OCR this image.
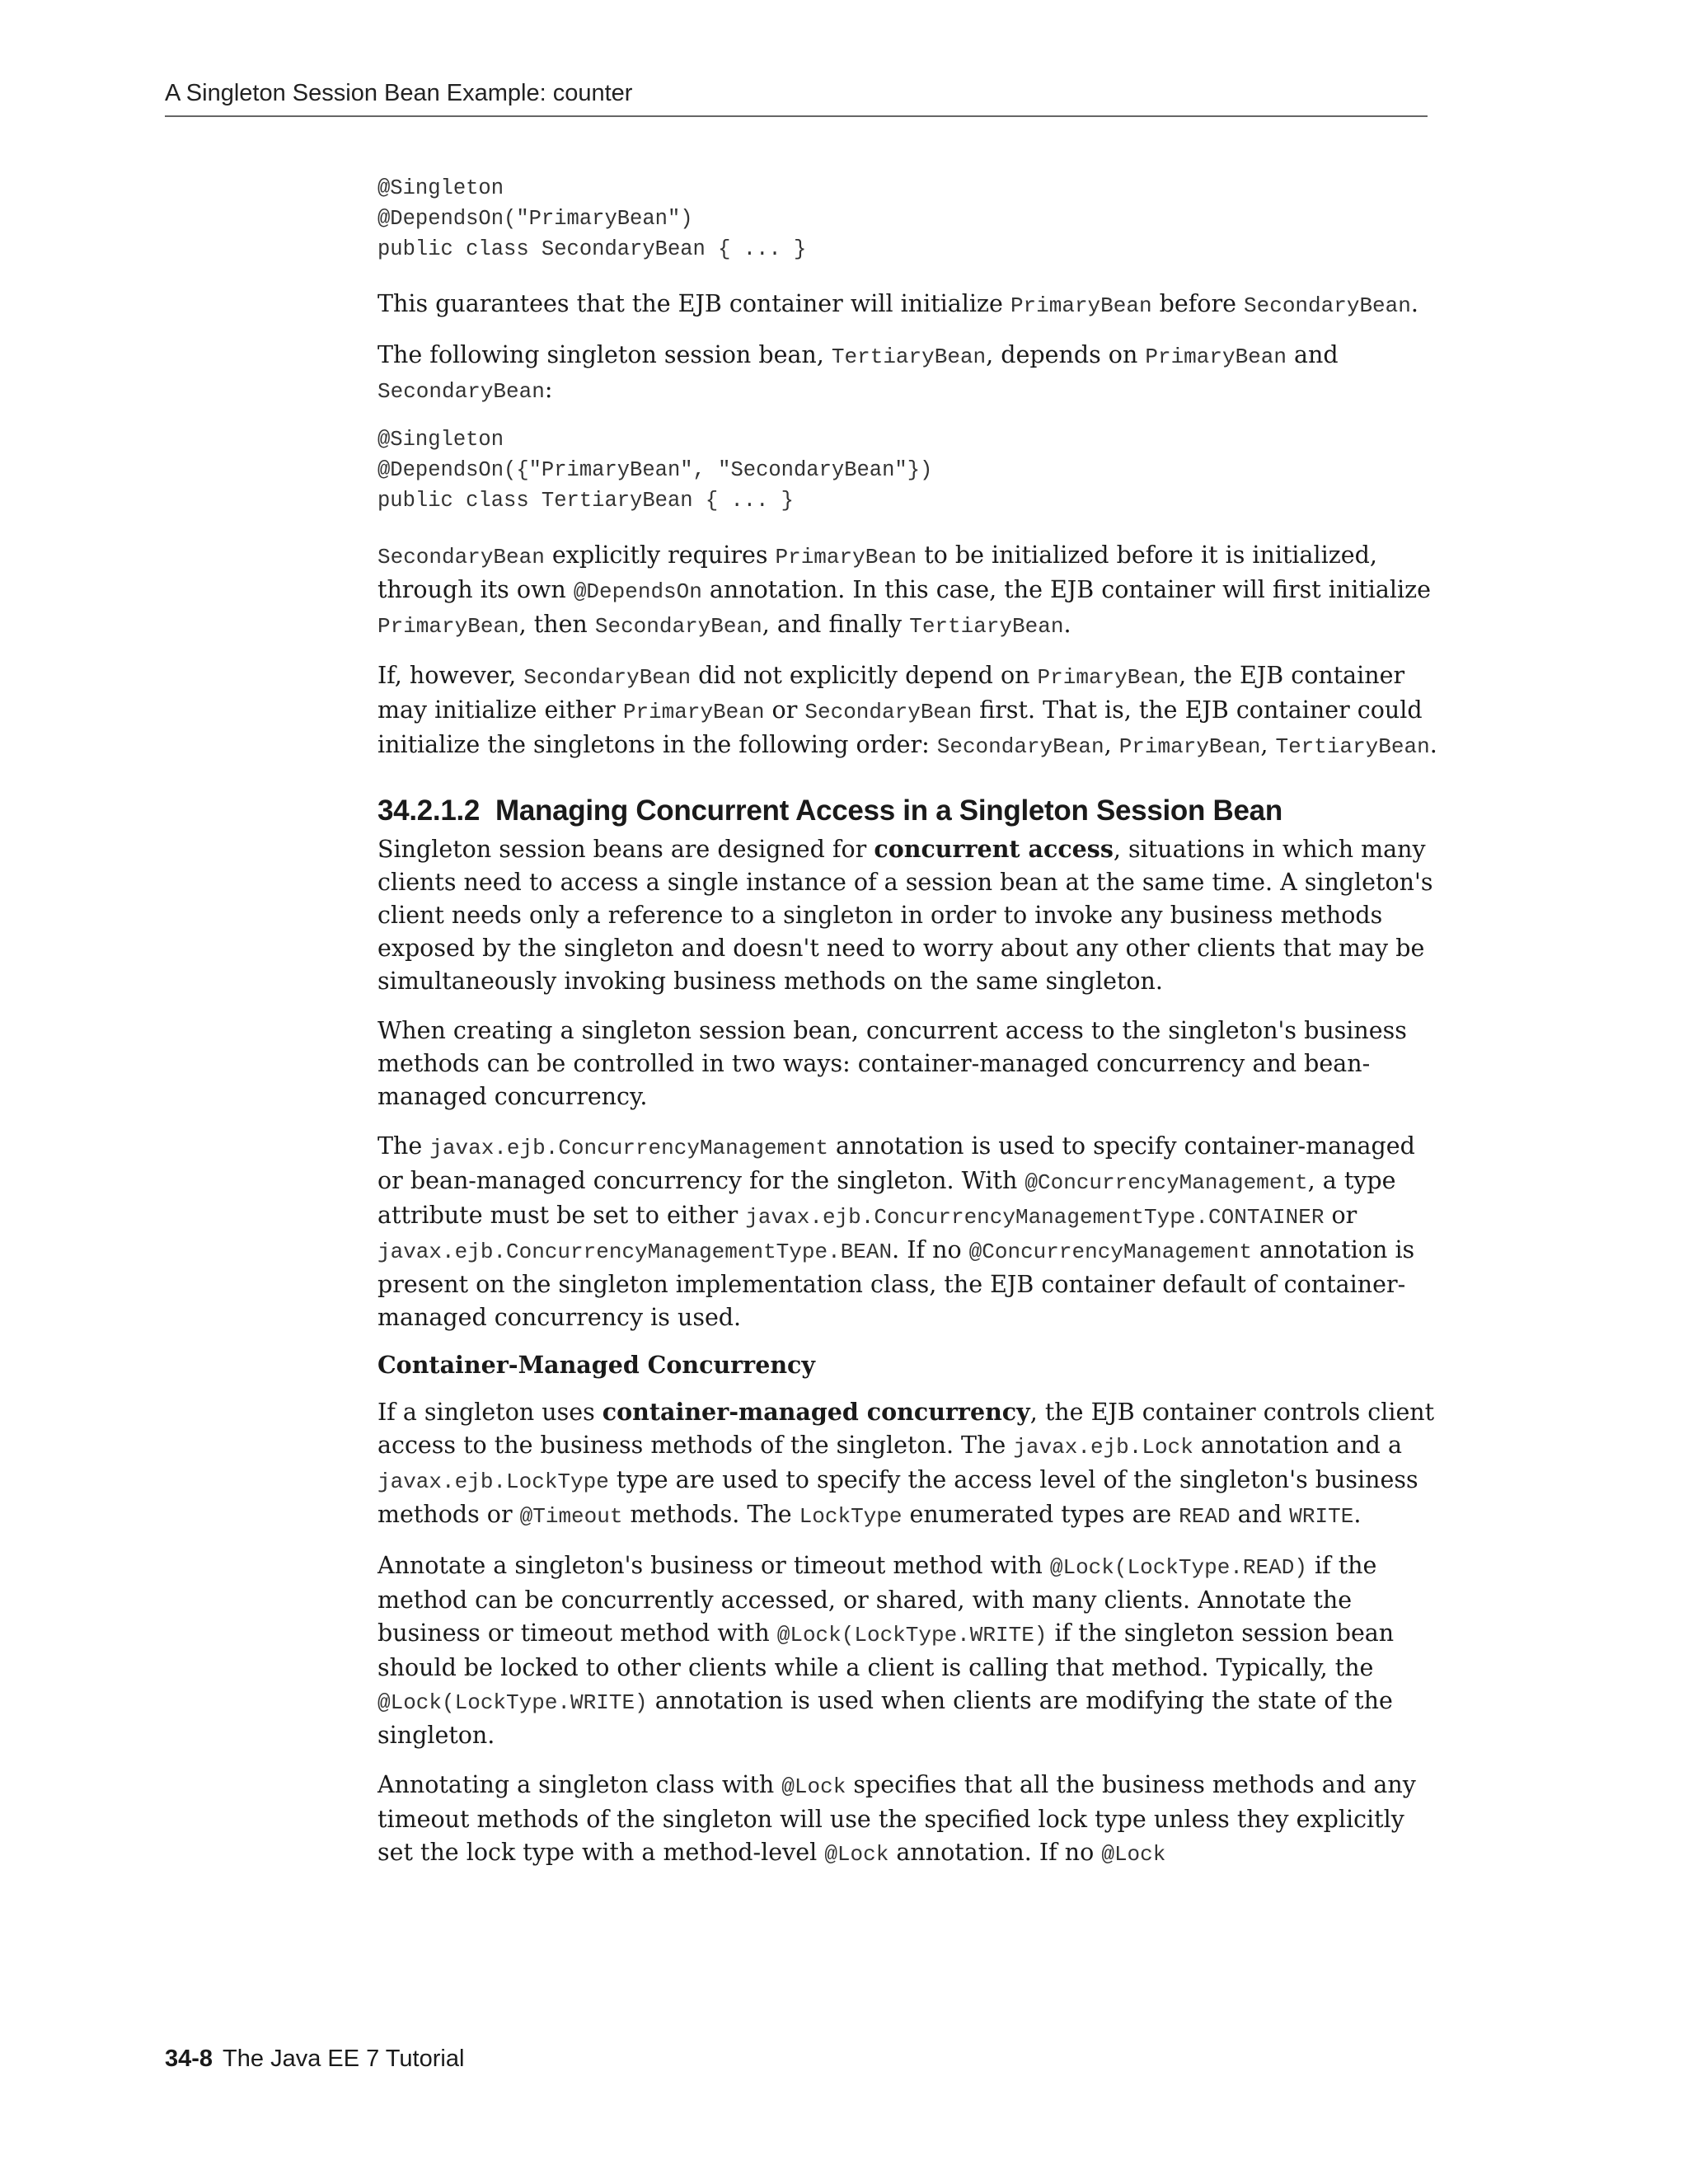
A Singleton Session Bean Example: counter
@Singleton
@DependsOn("PrimaryBean")
public class SecondaryBean { ... }

This guarantees that the EJB container will initialize PrimaryBean before SecondaryBean.

The following singleton session bean, TertiaryBean, depends on PrimaryBean and SecondaryBean:

@Singleton
@DependsOn({"PrimaryBean", "SecondaryBean"})
public class TertiaryBean { ... }

SecondaryBean explicitly requires PrimaryBean to be initialized before it is initialized, through its own @DependsOn annotation. In this case, the EJB container will first initialize PrimaryBean, then SecondaryBean, and finally TertiaryBean.

If, however, SecondaryBean did not explicitly depend on PrimaryBean, the EJB container may initialize either PrimaryBean or SecondaryBean first. That is, the EJB container could initialize the singletons in the following order: SecondaryBean, PrimaryBean, TertiaryBean.

34.2.1.2 Managing Concurrent Access in a Singleton Session Bean

Singleton session beans are designed for concurrent access, situations in which many clients need to access a single instance of a session bean at the same time. A singleton's client needs only a reference to a singleton in order to invoke any business methods exposed by the singleton and doesn't need to worry about any other clients that may be simultaneously invoking business methods on the same singleton.

When creating a singleton session bean, concurrent access to the singleton's business methods can be controlled in two ways: container-managed concurrency and bean-managed concurrency.

The javax.ejb.ConcurrencyManagement annotation is used to specify container-managed or bean-managed concurrency for the singleton. With @ConcurrencyManagement, a type attribute must be set to either javax.ejb.ConcurrencyManagementType.CONTAINER or javax.ejb.ConcurrencyManagementType.BEAN. If no @ConcurrencyManagement annotation is present on the singleton implementation class, the EJB container default of container-managed concurrency is used.

Container-Managed Concurrency

If a singleton uses container-managed concurrency, the EJB container controls client access to the business methods of the singleton. The javax.ejb.Lock annotation and a javax.ejb.LockType type are used to specify the access level of the singleton's business methods or @Timeout methods. The LockType enumerated types are READ and WRITE.

Annotate a singleton's business or timeout method with @Lock(LockType.READ) if the method can be concurrently accessed, or shared, with many clients. Annotate the business or timeout method with @Lock(LockType.WRITE) if the singleton session bean should be locked to other clients while a client is calling that method. Typically, the @Lock(LockType.WRITE) annotation is used when clients are modifying the state of the singleton.

Annotating a singleton class with @Lock specifies that all the business methods and any timeout methods of the singleton will use the specified lock type unless they explicitly set the lock type with a method-level @Lock annotation. If no @Lock

34-8 The Java EE 7 Tutorial
